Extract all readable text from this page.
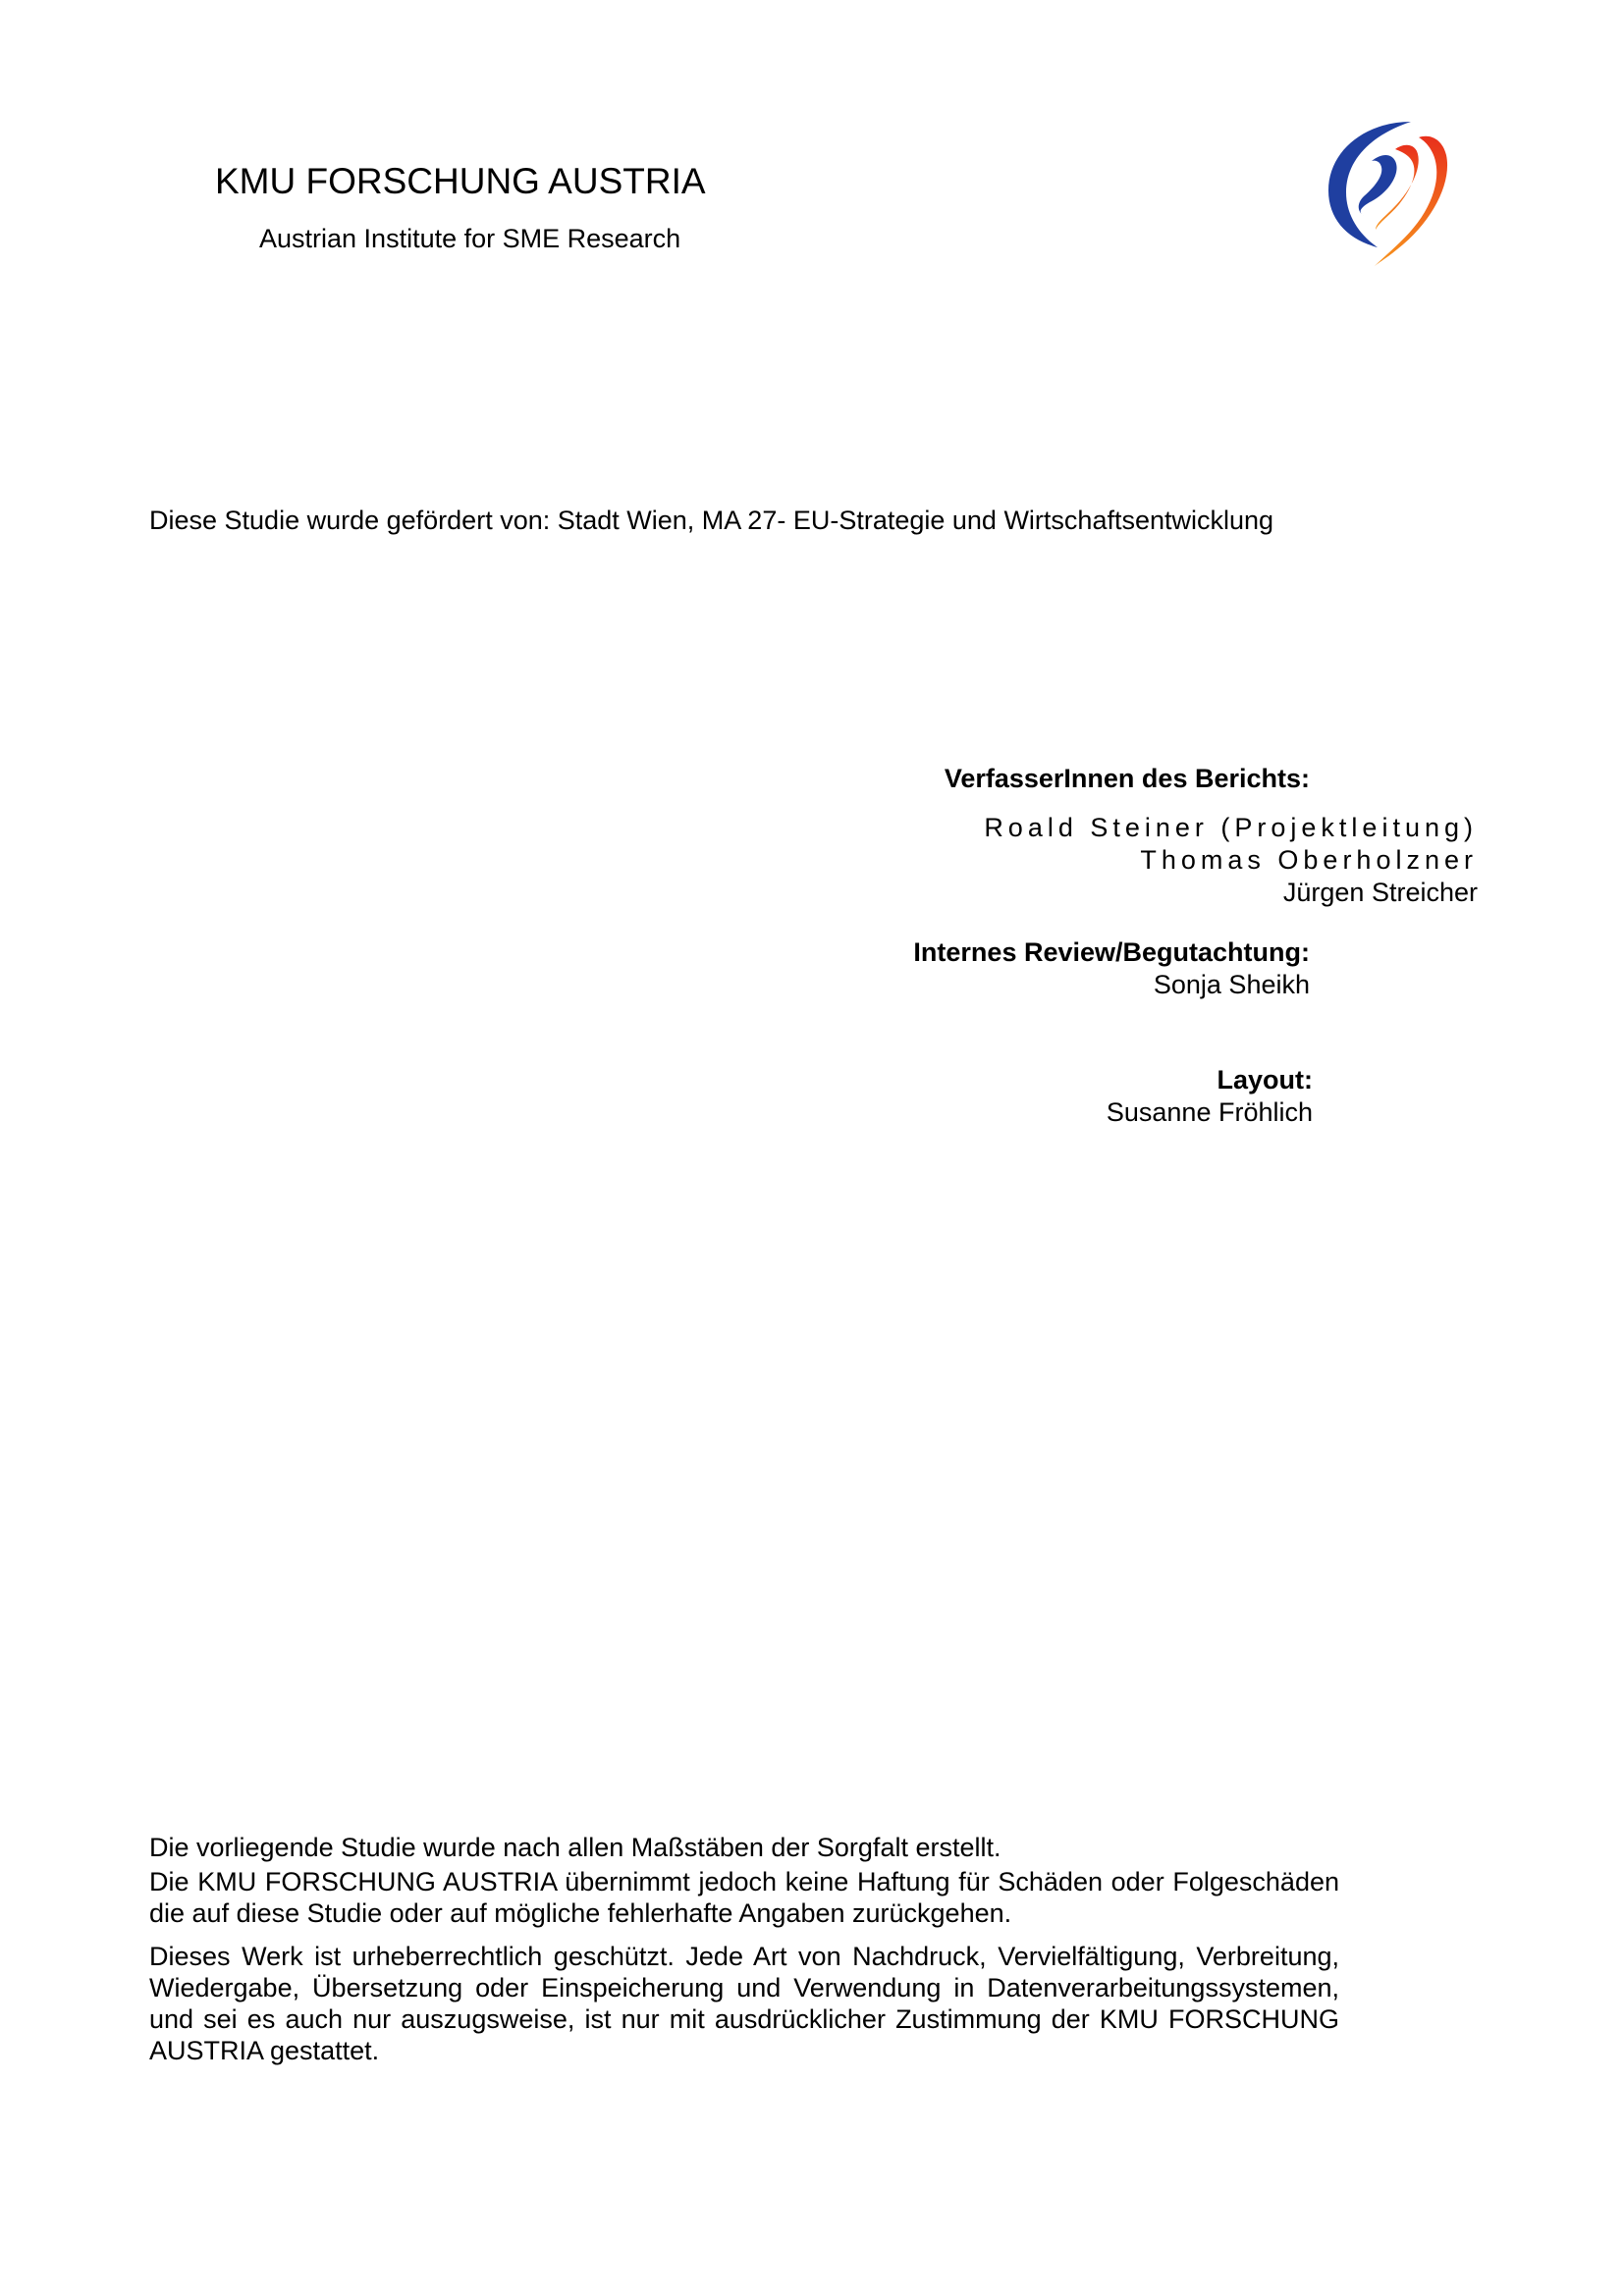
KMU FORSCHUNG AUSTRIA
Austrian Institute for SME Research
Diese Studie wurde gefördert von: Stadt Wien, MA 27- EU-Strategie und Wirtschaftsentwicklung
VerfasserInnen des Berichts:
Roald Steiner (Projektleitung)
Thomas Oberholzner
Jürgen Streicher
Internes Review/Begutachtung:
Sonja Sheikh
Layout:
Susanne Fröhlich

Die vorliegende Studie wurde nach allen Maßstäben der Sorgfalt erstellt.

Die KMU FORSCHUNG AUSTRIA übernimmt jedoch keine Haftung für Schäden oder Folgeschäden die auf diese Studie oder auf mögliche fehlerhafte Angaben zurückgehen.

Dieses Werk ist urheberrechtlich geschützt. Jede Art von Nachdruck, Vervielfältigung, Verbreitung, Wiedergabe, Übersetzung oder Einspeicherung und Verwendung in Datenverarbeitungssystemen, und sei es auch nur auszugsweise, ist nur mit ausdrücklicher Zustimmung der KMU FORSCHUNG AUSTRIA gestattet.
